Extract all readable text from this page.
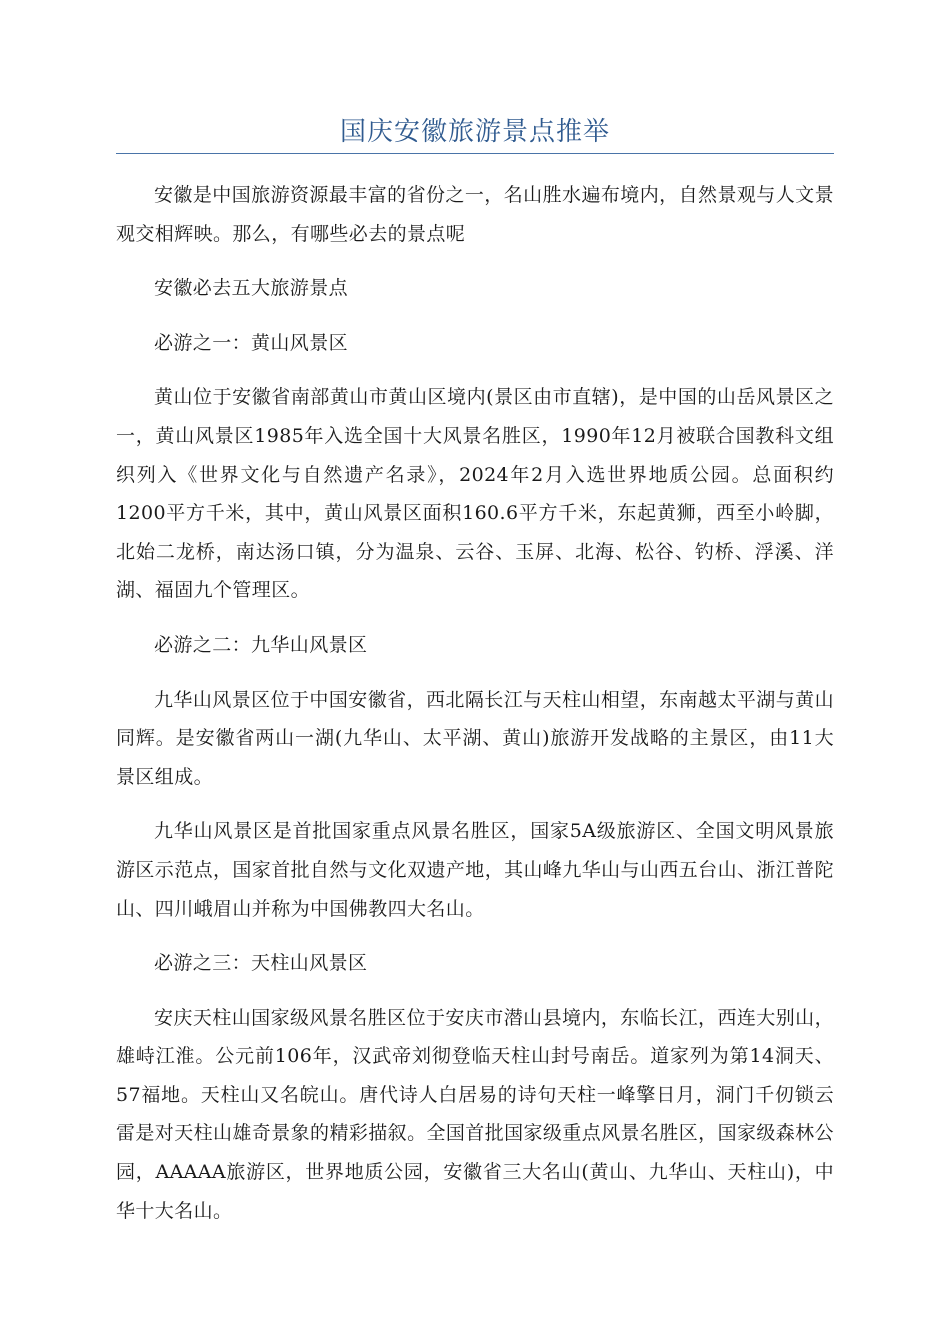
国庆安徽旅游景点推举

安徽是中国旅游资源最丰富的省份之一，名山胜水遍布境内，自然景观与人文景观交相辉映。那么，有哪些必去的景点呢

安徽必去五大旅游景点

必游之一：黄山风景区

黄山位于安徽省南部黄山市黄山区境内(景区由市直辖)，是中国的山岳风景区之一，黄山风景区1985年入选全国十大风景名胜区，1990年12月被联合国教科文组织列入《世界文化与自然遗产名录》，2024年2月入选世界地质公园。总面积约1200平方千米，其中，黄山风景区面积160.6平方千米，东起黄狮，西至小岭脚，北始二龙桥，南达汤口镇，分为温泉、云谷、玉屏、北海、松谷、钓桥、浮溪、洋湖、福固九个管理区。

必游之二：九华山风景区

九华山风景区位于中国安徽省，西北隔长江与天柱山相望，东南越太平湖与黄山同辉。是安徽省两山一湖(九华山、太平湖、黄山)旅游开发战略的主景区，由11大景区组成。

九华山风景区是首批国家重点风景名胜区，国家5A级旅游区、全国文明风景旅游区示范点，国家首批自然与文化双遗产地，其山峰九华山与山西五台山、浙江普陀山、四川峨眉山并称为中国佛教四大名山。

必游之三：天柱山风景区

安庆天柱山国家级风景名胜区位于安庆市潜山县境内，东临长江，西连大别山，雄峙江淮。公元前106年，汉武帝刘彻登临天柱山封号南岳。道家列为第14洞天、57福地。天柱山又名皖山。唐代诗人白居易的诗句天柱一峰擎日月，洞门千仞锁云雷是对天柱山雄奇景象的精彩描叙。全国首批国家级重点风景名胜区，国家级森林公园，AAAAA旅游区，世界地质公园，安徽省三大名山(黄山、九华山、天柱山)，中华十大名山。
